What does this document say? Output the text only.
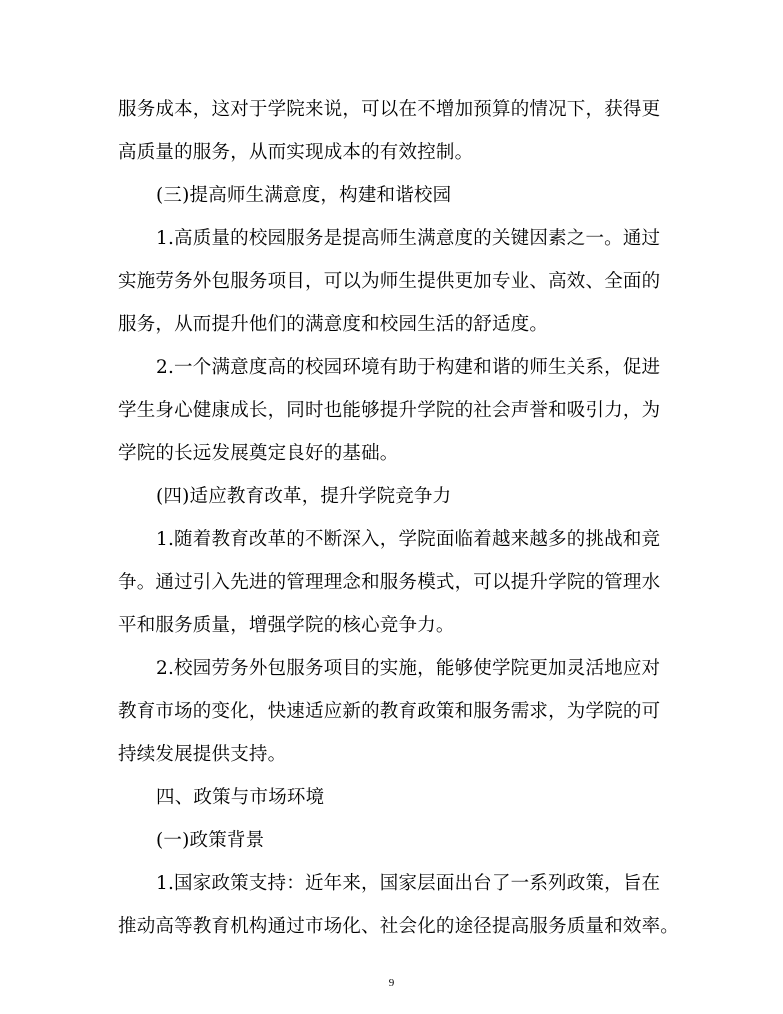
服务成本，这对于学院来说，可以在不增加预算的情况下，获得更
高质量的服务，从而实现成本的有效控制。
(三)提高师生满意度，构建和谐校园
1.高质量的校园服务是提高师生满意度的关键因素之一。通过
实施劳务外包服务项目，可以为师生提供更加专业、高效、全面的
服务，从而提升他们的满意度和校园生活的舒适度。
2.一个满意度高的校园环境有助于构建和谐的师生关系，促进
学生身心健康成长，同时也能够提升学院的社会声誉和吸引力，为
学院的长远发展奠定良好的基础。
(四)适应教育改革，提升学院竞争力
1.随着教育改革的不断深入，学院面临着越来越多的挑战和竞
争。通过引入先进的管理理念和服务模式，可以提升学院的管理水
平和服务质量，增强学院的核心竞争力。
2.校园劳务外包服务项目的实施，能够使学院更加灵活地应对
教育市场的变化，快速适应新的教育政策和服务需求，为学院的可
持续发展提供支持。
四、政策与市场环境
(一)政策背景
1.国家政策支持：近年来，国家层面出台了一系列政策，旨在
推动高等教育机构通过市场化、社会化的途径提高服务质量和效率。
9
